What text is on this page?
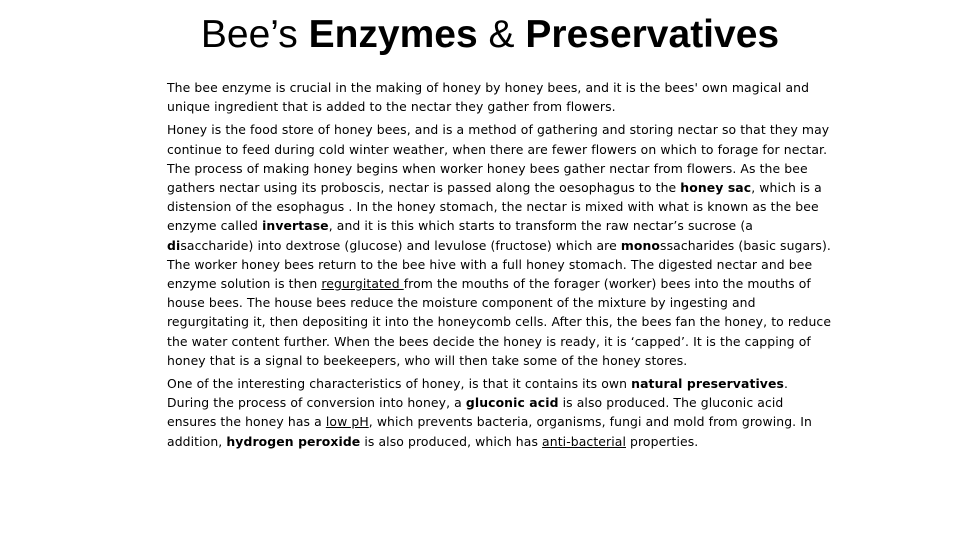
Bee’s Enzymes & Preservatives

The bee enzyme is crucial in the making of honey by honey bees, and it is the bees' own magical and unique ingredient that is added to the nectar they gather from flowers.

Honey is the food store of honey bees, and is a method of gathering and storing nectar so that they may continue to feed during cold winter weather, when there are fewer flowers on which to forage for nectar. The process of making honey begins when worker honey bees gather nectar from flowers. As the bee gathers nectar using its proboscis, nectar is passed along the oesophagus to the honey sac, which is a distension of the esophagus . In the honey stomach, the nectar is mixed with what is known as the bee enzyme called invertase, and it is this which starts to transform the raw nectar’s sucrose (a disaccharide) into dextrose (glucose) and levulose (fructose) which are monossacharides (basic sugars). The worker honey bees return to the bee hive with a full honey stomach. The digested nectar and bee enzyme solution is then regurgitated from the mouths of the forager (worker) bees into the mouths of house bees. The house bees reduce the moisture component of the mixture by ingesting and regurgitating it, then depositing it into the honeycomb cells. After this, the bees fan the honey, to reduce the water content further. When the bees decide the honey is ready, it is ‘capped’. It is the capping of honey that is a signal to beekeepers, who will then take some of the honey stores.

One of the interesting characteristics of honey, is that it contains its own natural preservatives. During the process of conversion into honey, a gluconic acid is also produced. The gluconic acid ensures the honey has a low pH, which prevents bacteria, organisms, fungi and mold from growing. In addition, hydrogen peroxide is also produced, which has anti-bacterial properties.
